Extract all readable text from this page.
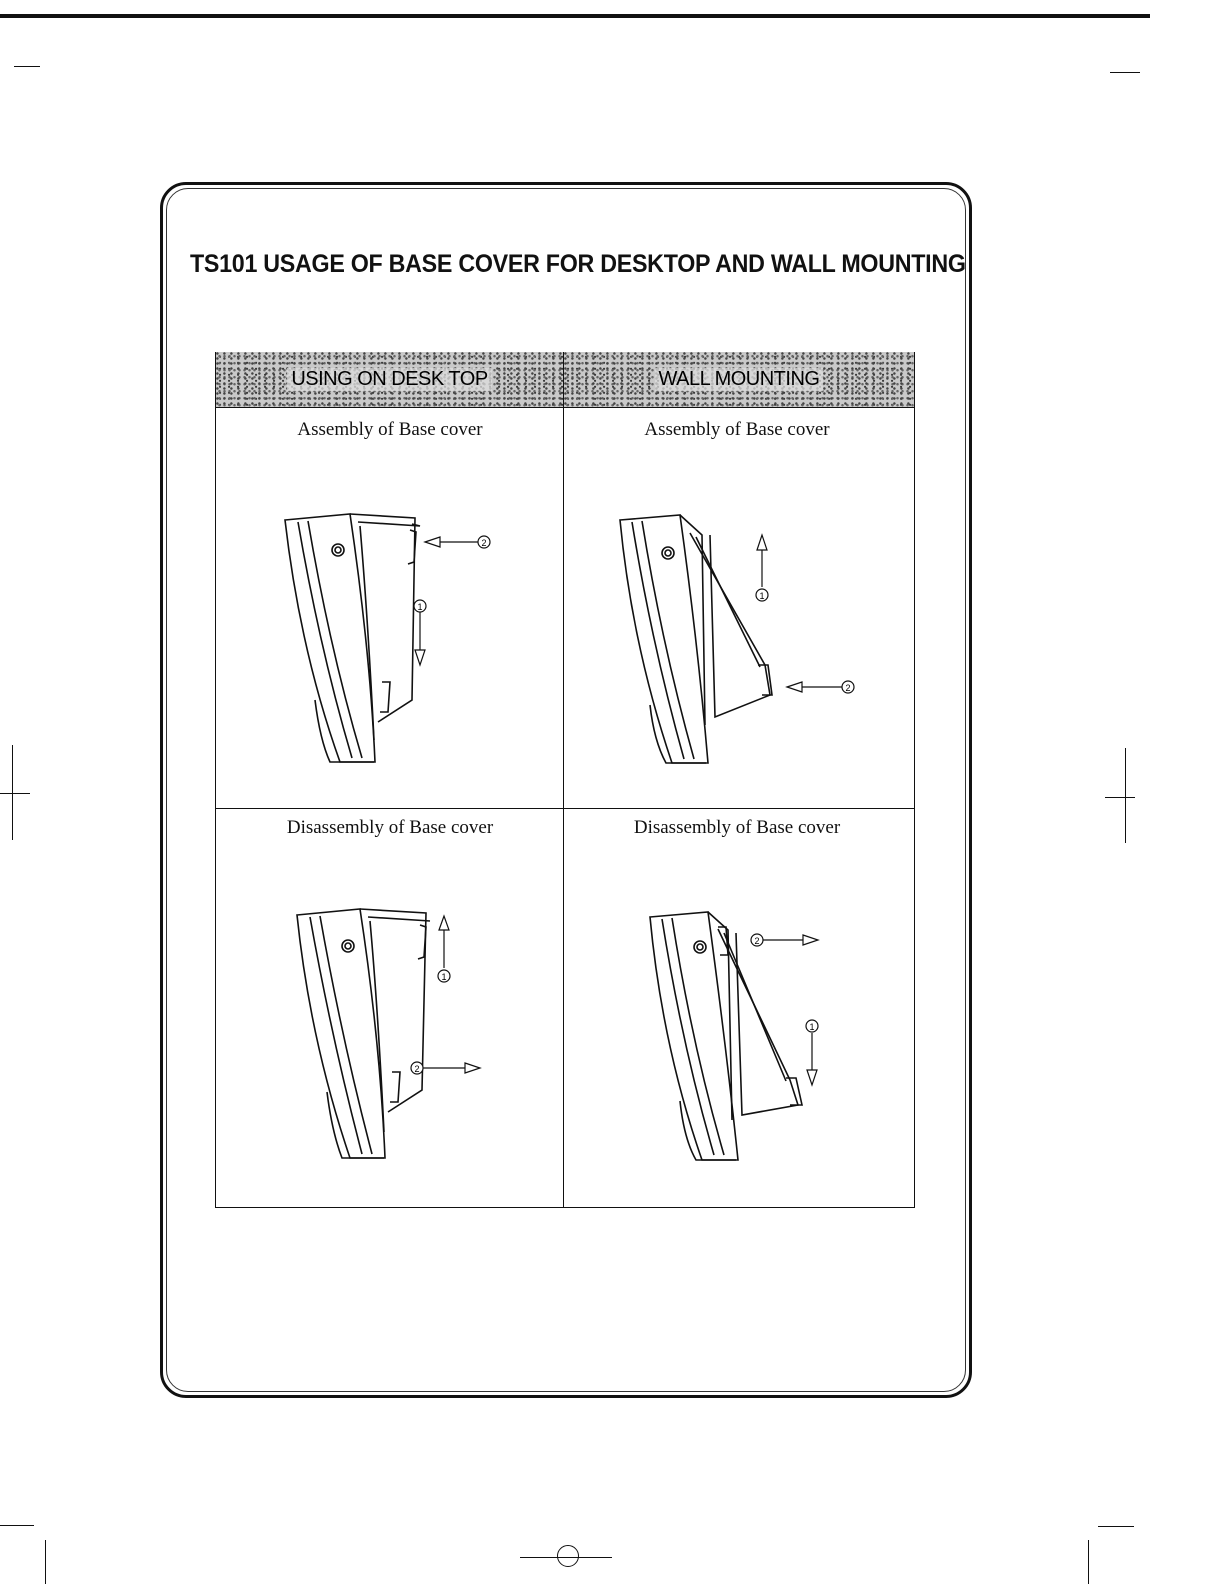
TS101 USAGE OF BASE COVER FOR DESKTOP AND WALL MOUNTING
USING ON DESK TOP	WALL MOUNTING
Assembly of Base cover	Assembly of Base cover
Disassembly of Base cover	Disassembly of Base cover
2
1
1
2
1
2
2
1
